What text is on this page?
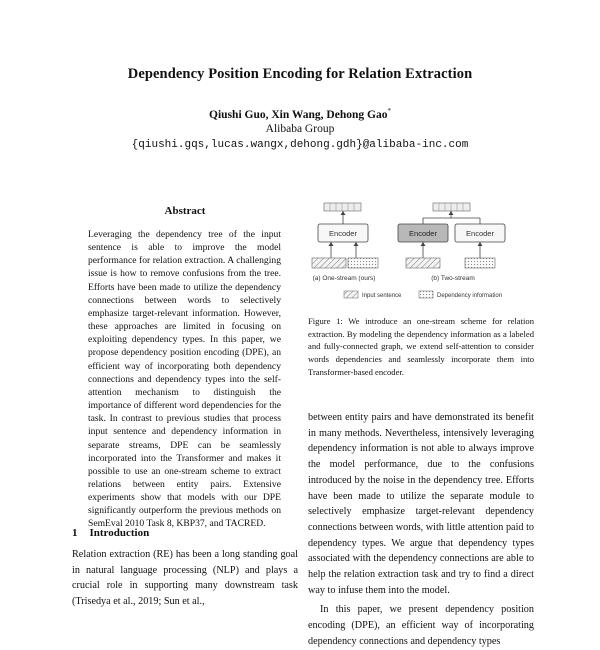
Dependency Position Encoding for Relation Extraction
Qiushi Guo, Xin Wang, Dehong Gao*
Alibaba Group
{qiushi.gqs,lucas.wangx,dehong.gdh}@alibaba-inc.com
Abstract
Leveraging the dependency tree of the input sentence is able to improve the model performance for relation extraction. A challenging issue is how to remove confusions from the tree. Efforts have been made to utilize the dependency connections between words to selectively emphasize target-relevant information. However, these approaches are limited in focusing on exploiting dependency types. In this paper, we propose dependency position encoding (DPE), an efficient way of incorporating both dependency connections and dependency types into the self-attention mechanism to distinguish the importance of different word dependencies for the task. In contrast to previous studies that process input sentence and dependency information in separate streams, DPE can be seamlessly incorporated into the Transformer and makes it possible to use an one-stream scheme to extract relations between entity pairs. Extensive experiments show that models with our DPE significantly outperform the previous methods on SemEval 2010 Task 8, KBP37, and TACRED.
1 Introduction
Relation extraction (RE) has been a long standing goal in natural language processing (NLP) and plays a crucial role in supporting many downstream task (Trisedya et al., 2019; Sun et al.,
Encoder
(a) One-stream (ours)
Encoder	Encoder
(b) Two-stream
Input sentence	Dependency information
Figure 1: We introduce an one-stream scheme for relation extraction. By modeling the dependency information as a labeled and fully-connected graph, we extend self-attention to consider words dependencies and seamlessly incorporate them into Transformer-based encoder.

between entity pairs and have demonstrated its benefit in many methods. Nevertheless, intensively leveraging dependency information is not able to always improve the model performance, due to the confusions introduced by the noise in the dependency tree. Efforts have been made to utilize the separate module to selectively emphasize target-relevant dependency connections between words, with little attention paid to dependency types. We argue that dependency types associated with the dependency connections are able to help the relation extraction task and try to find a direct way to infuse them into the model.

In this paper, we present dependency position encoding (DPE), an efficient way of incorporating dependency connections and dependency types
